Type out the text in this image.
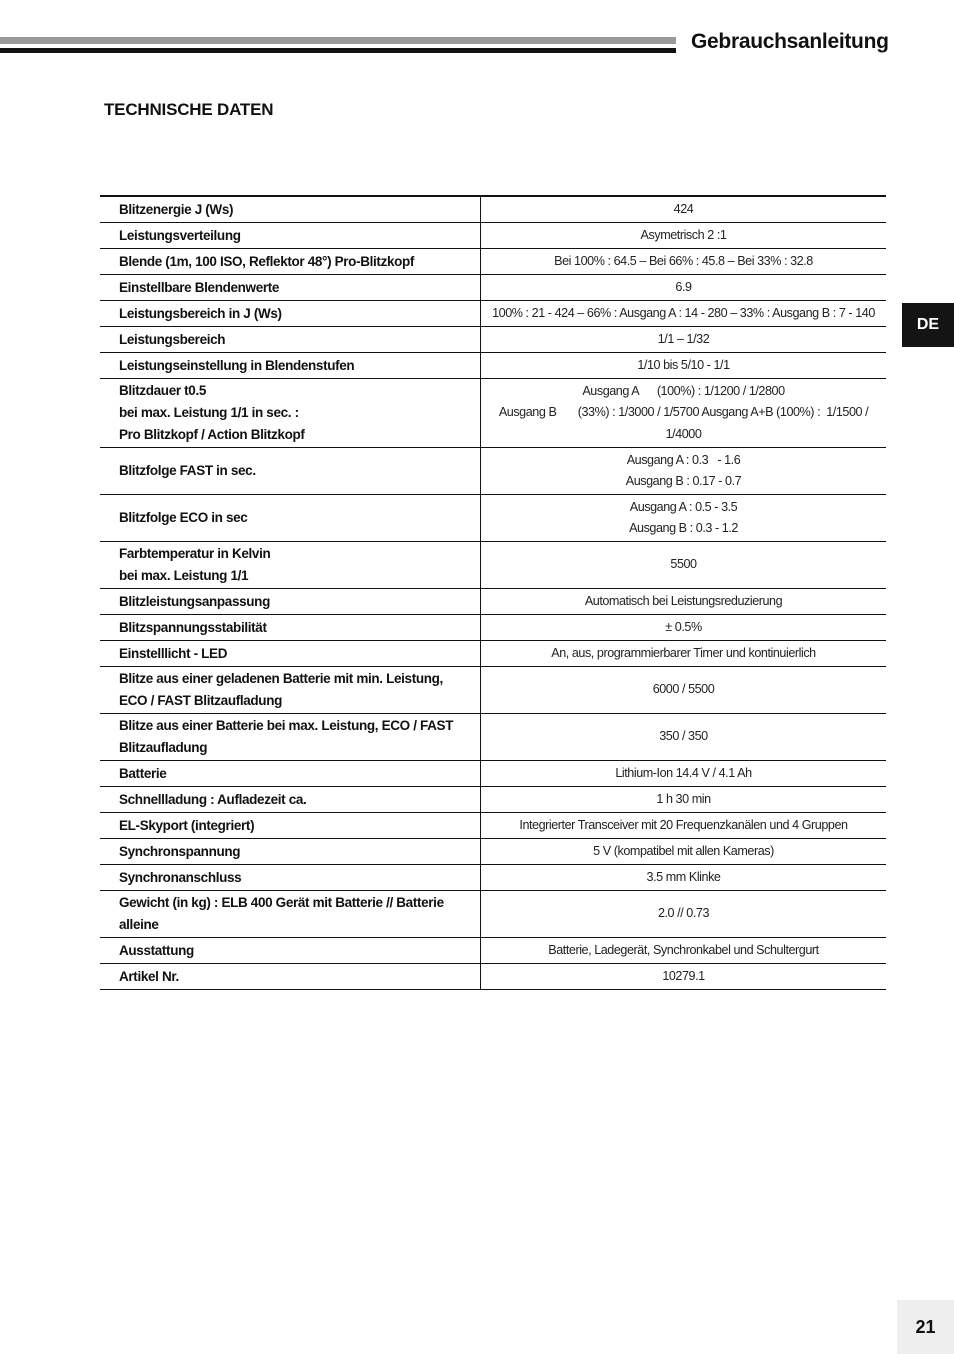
Gebrauchsanleitung
TECHNISCHE DATEN
DE
21
Blitzenergie J (Ws)	424

Leistungsverteilung	Asymetrisch 2 :1

Blende (1m, 100 ISO, Reflektor 48°) Pro-Blitzkopf	Bei 100% : 64.5 – Bei 66% : 45.8 – Bei 33% : 32.8

Einstellbare Blendenwerte	6.9

Leistungsbereich in J (Ws)	100% : 21 - 424 – 66% : Ausgang A : 14 - 280 – 33% : Ausgang B : 7 - 140

Leistungsbereich	1/1 – 1/32

Leistungseinstellung in Blendenstufen	1/10 bis 5/10 - 1/1

Blitzdauer t0.5
bei max. Leistung 1/1 in sec. :
Pro Blitzkopf / Action Blitzkopf	Ausgang A      (100%) : 1/1200 / 1/2800
Ausgang B       (33%) : 1/3000 / 1/5700 Ausgang A+B (100%) :  1/1500 /
1/4000

Blitzfolge FAST in sec.	Ausgang A : 0.3   - 1.6
Ausgang B : 0.17 - 0.7

Blitzfolge ECO in sec	Ausgang A : 0.5 - 3.5
Ausgang B : 0.3 - 1.2

Farbtemperatur in Kelvin
bei max. Leistung 1/1	5500

Blitzleistungsanpassung	Automatisch bei Leistungsreduzierung

Blitzspannungsstabilität	± 0.5%

Einstelllicht - LED	An, aus, programmierbarer Timer und kontinuierlich

Blitze aus einer geladenen Batterie mit min. Leistung,
ECO / FAST Blitzaufladung	6000 / 5500

Blitze aus einer Batterie bei max. Leistung, ECO / FAST
Blitzaufladung	350 / 350

Batterie	Lithium-Ion 14.4 V / 4.1 Ah

Schnellladung : Aufladezeit ca.	1 h 30 min

EL-Skyport (integriert)	Integrierter Transceiver mit 20 Frequenzkanälen und 4 Gruppen

Synchronspannung	5 V (kompatibel mit allen Kameras)

Synchronanschluss	3.5 mm Klinke

Gewicht (in kg) : ELB 400 Gerät mit Batterie // Batterie
alleine	2.0 // 0.73

Ausstattung	Batterie, Ladegerät, Synchronkabel und Schultergurt

Artikel Nr.	10279.1
